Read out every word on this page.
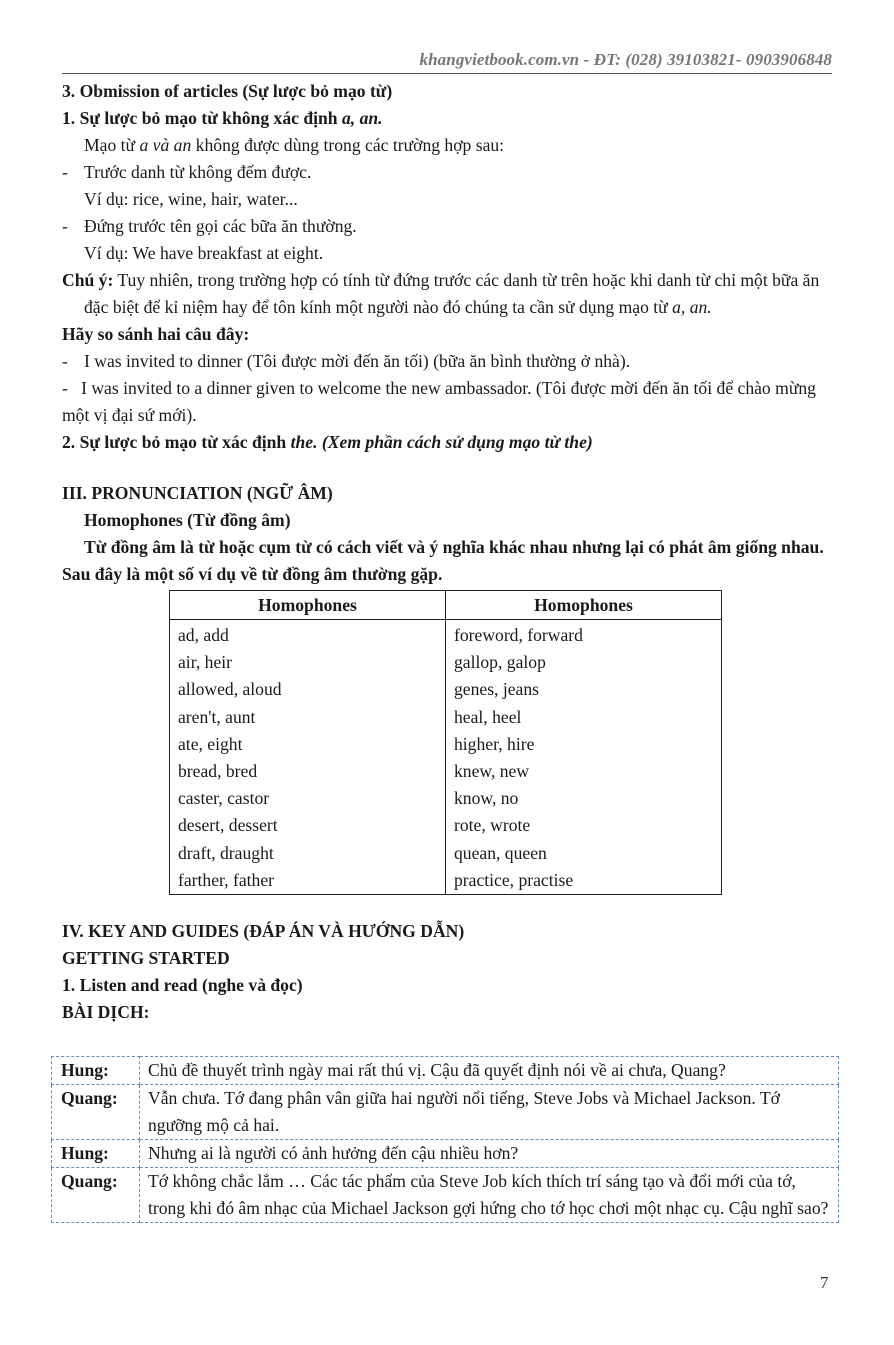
khangvietbook.com.vn - ĐT: (028) 39103821- 0903906848

3. Obmission of articles (Sự lược bỏ mạo từ)

1. Sự lược bỏ mạo từ không xác định a, an.

Mạo từ a và an không được dùng trong các trường hợp sau:

- Trước danh từ không đếm được.

Ví dụ: rice, wine, hair, water...

- Đứng trước tên gọi các bữa ăn thường.

Ví dụ: We have breakfast at eight.

Chú ý: Tuy nhiên, trong trường hợp có tính từ đứng trước các danh từ trên hoặc khi danh từ chỉ một bữa ăn đặc biệt để kỉ niệm hay để tôn kính một người nào đó chúng ta cần sử dụng mạo từ a, an.

Hãy so sánh hai câu đây:

- I was invited to dinner (Tôi được mời đến ăn tối) (bữa ăn bình thường ở nhà).

- I was invited to a dinner given to welcome the new ambassador. (Tôi được mời đến ăn tối để chào mừng một vị đại sứ mới).

2. Sự lược bỏ mạo từ xác định the. (Xem phần cách sử dụng mạo từ the)

III. PRONUNCIATION (NGỮ ÂM)

Homophones (Từ đồng âm)

Từ đồng âm là từ hoặc cụm từ có cách viết và ý nghĩa khác nhau nhưng lại có phát âm giống nhau. Sau đây là một số ví dụ về từ đồng âm thường gặp.

Homophones	Homophones
ad, add	foreword, forward
air, heir	gallop, galop
allowed, aloud	genes, jeans
aren't, aunt	heal, heel
ate, eight	higher, hire
bread, bred	knew, new
caster, castor	know, no
desert, dessert	rote, wrote
draft, draught	quean, queen
farther, father	practice, practise

IV. KEY AND GUIDES (ĐÁP ÁN VÀ HƯỚNG DẪN)

GETTING STARTED

1. Listen and read (nghe và đọc)

BÀI DỊCH:

Hung:	Chủ đề thuyết trình ngày mai rất thú vị. Cậu đã quyết định nói về ai chưa, Quang?
Quang:	Vẫn chưa. Tớ đang phân vân giữa hai người nổi tiếng, Steve Jobs và Michael Jackson. Tớ ngưỡng mộ cả hai.
Hung:	Nhưng ai là người có ảnh hưởng đến cậu nhiều hơn?
Quang:	Tớ không chắc lắm … Các tác phẩm của Steve Job kích thích trí sáng tạo và đổi mới của tớ, trong khi đó âm nhạc của Michael Jackson gợi hứng cho tớ học chơi một nhạc cụ. Cậu nghĩ sao?
7
